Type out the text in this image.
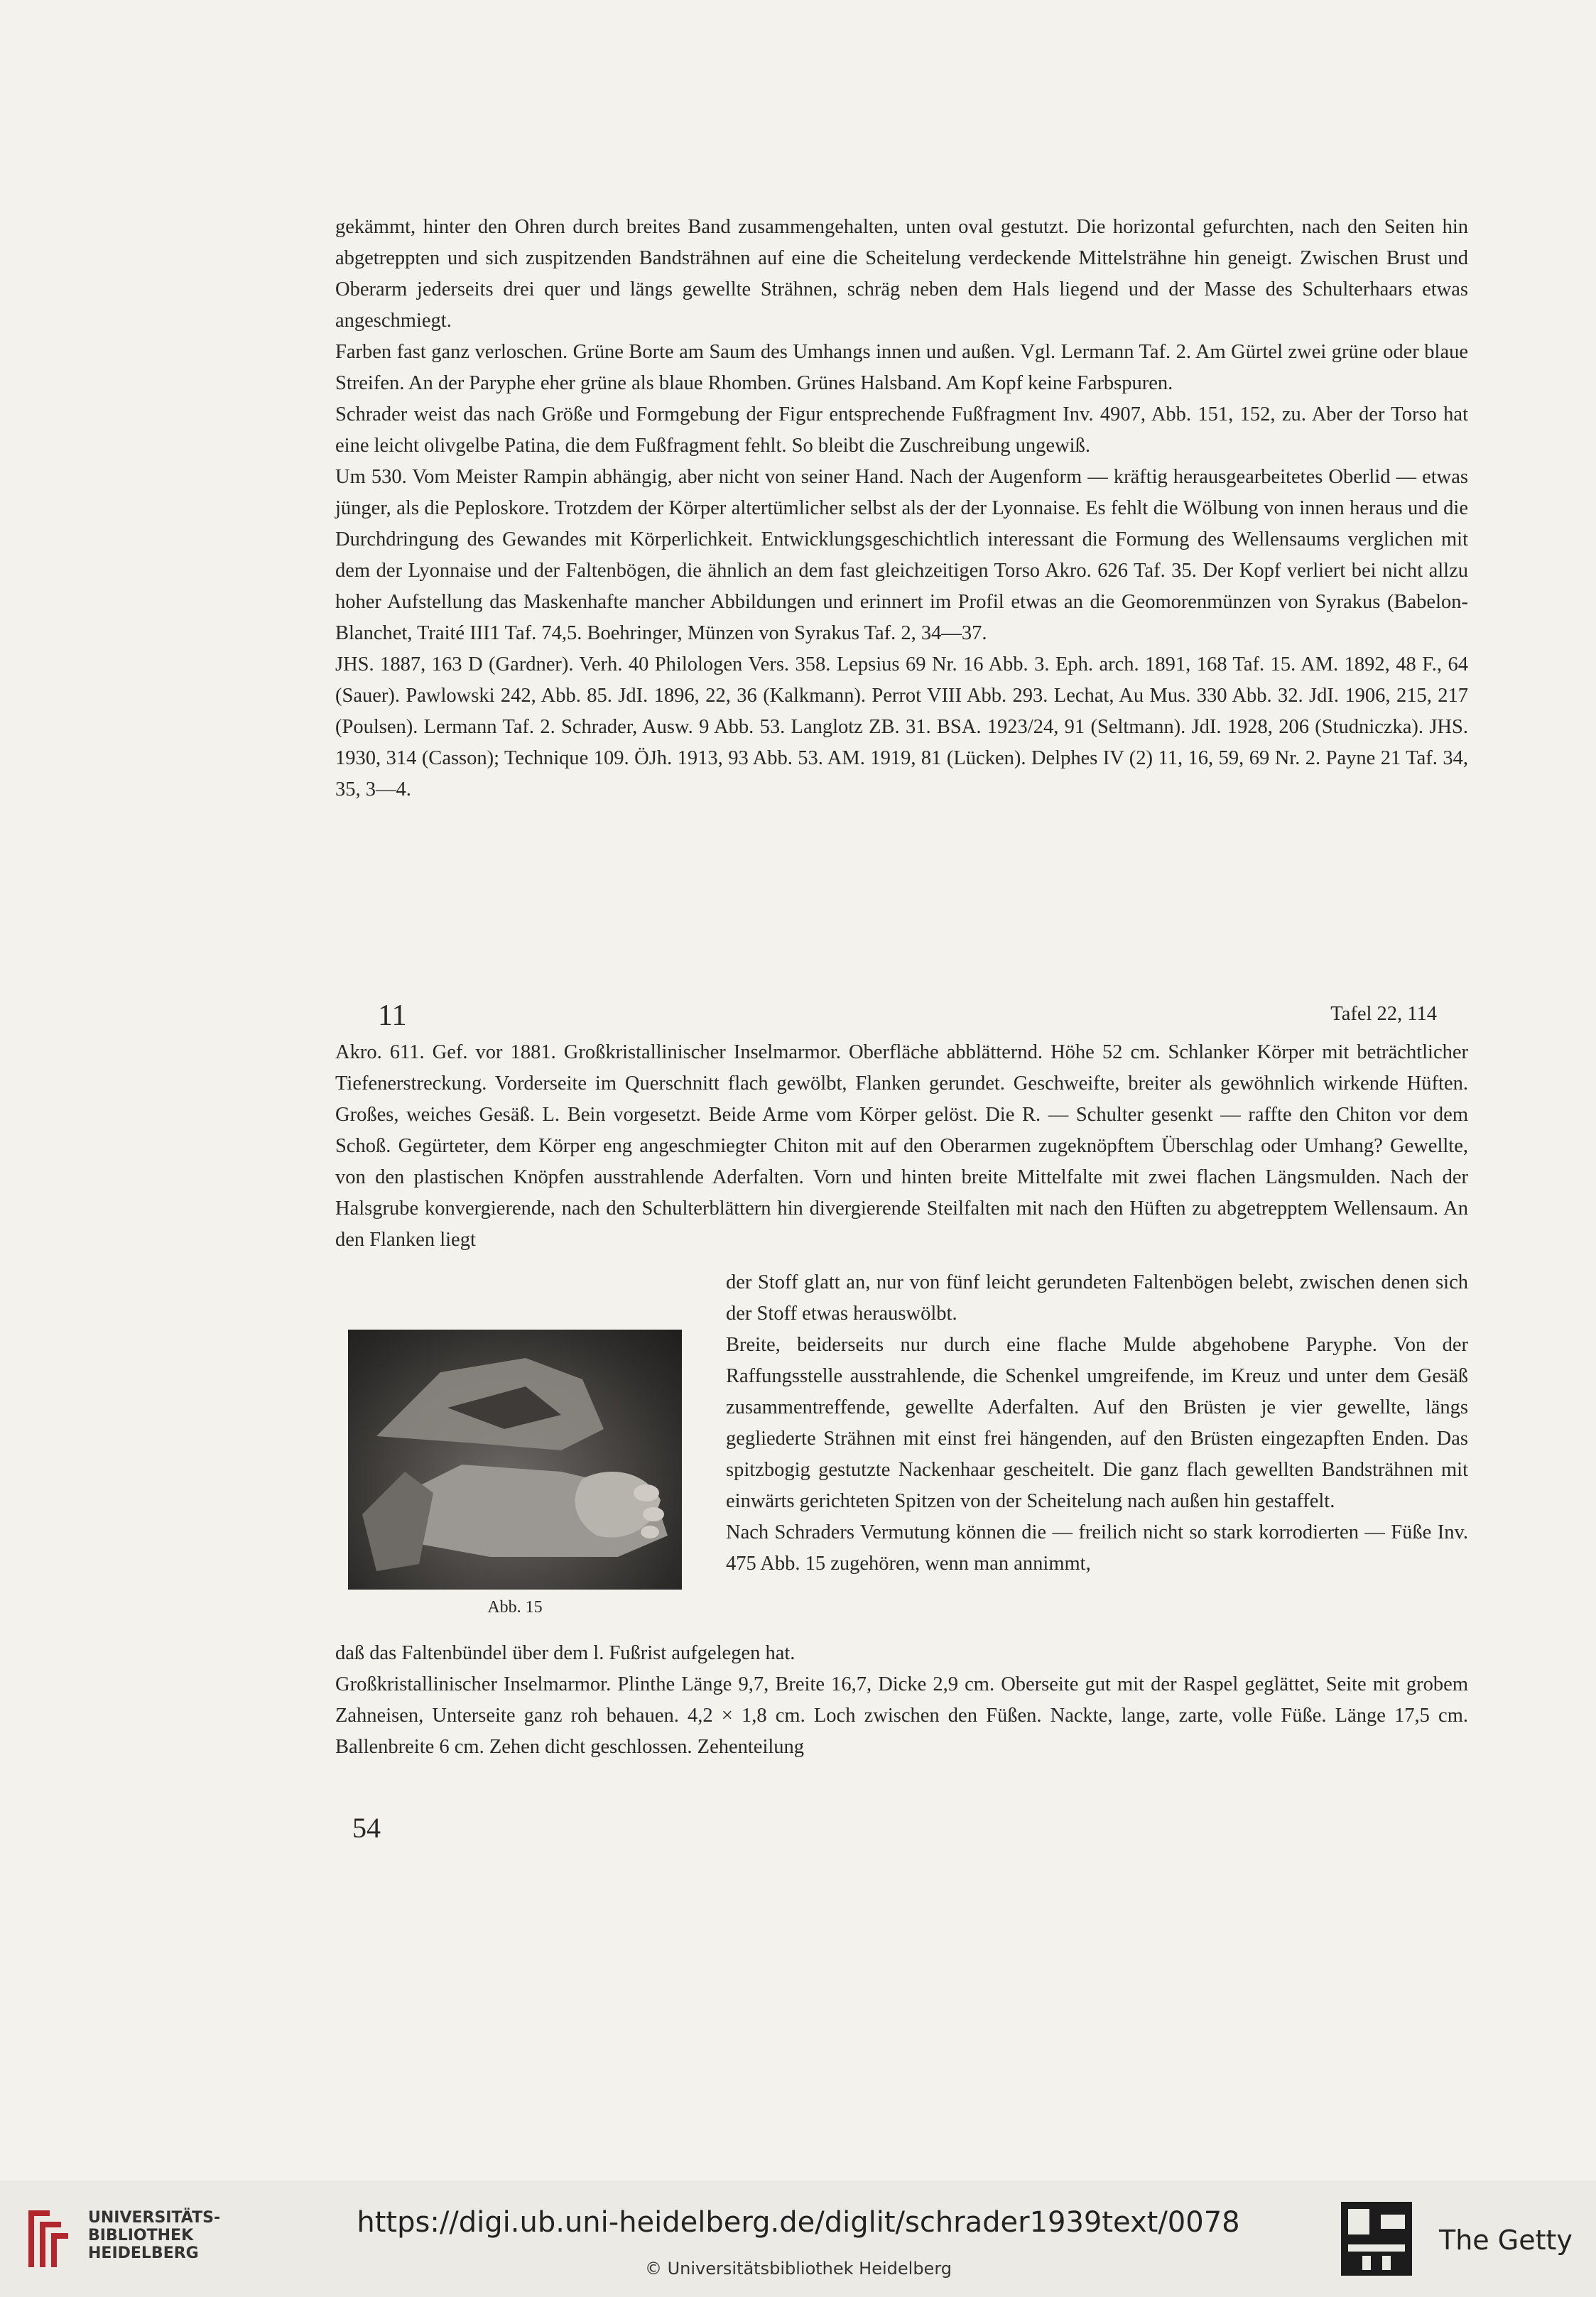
gekämmt, hinter den Ohren durch breites Band zusammengehalten, unten oval gestutzt. Die horizontal gefurchten, nach den Seiten hin abgetreppten und sich zuspitzenden Bandsträhnen auf eine die Scheitelung verdeckende Mittelsträhne hin geneigt. Zwischen Brust und Oberarm jederseits drei quer und längs gewellte Strähnen, schräg neben dem Hals liegend und der Masse des Schulterhaars etwas angeschmiegt.

Farben fast ganz verloschen. Grüne Borte am Saum des Umhangs innen und außen. Vgl. Lermann Taf. 2. Am Gürtel zwei grüne oder blaue Streifen. An der Paryphe eher grüne als blaue Rhomben. Grünes Halsband. Am Kopf keine Farbspuren.

Schrader weist das nach Größe und Formgebung der Figur entsprechende Fußfragment Inv. 4907, Abb. 151, 152, zu. Aber der Torso hat eine leicht olivgelbe Patina, die dem Fußfragment fehlt. So bleibt die Zuschreibung ungewiß.

Um 530. Vom Meister Rampin abhängig, aber nicht von seiner Hand. Nach der Augenform — kräftig herausgearbeitetes Oberlid — etwas jünger, als die Peploskore. Trotzdem der Körper altertümlicher selbst als der der Lyonnaise. Es fehlt die Wölbung von innen heraus und die Durchdringung des Gewandes mit Körperlichkeit. Entwicklungsgeschichtlich interessant die Formung des Wellensaums verglichen mit dem der Lyonnaise und der Faltenbögen, die ähnlich an dem fast gleichzeitigen Torso Akro. 626 Taf. 35. Der Kopf verliert bei nicht allzu hoher Aufstellung das Maskenhafte mancher Abbildungen und erinnert im Profil etwas an die Geomorenmünzen von Syrakus (Babelon-Blanchet, Traité III1 Taf. 74,5. Boehringer, Münzen von Syrakus Taf. 2, 34—37.

JHS. 1887, 163 D (Gardner). Verh. 40 Philologen Vers. 358. Lepsius 69 Nr. 16 Abb. 3. Eph. arch. 1891, 168 Taf. 15. AM. 1892, 48 F., 64 (Sauer). Pawlowski 242, Abb. 85. JdI. 1896, 22, 36 (Kalkmann). Perrot VIII Abb. 293. Lechat, Au Mus. 330 Abb. 32. JdI. 1906, 215, 217 (Poulsen). Lermann Taf. 2. Schrader, Ausw. 9 Abb. 53. Langlotz ZB. 31. BSA. 1923/24, 91 (Seltmann). JdI. 1928, 206 (Studniczka). JHS. 1930, 314 (Casson); Technique 109. ÖJh. 1913, 93 Abb. 53. AM. 1919, 81 (Lücken). Delphes IV (2) 11, 16, 59, 69 Nr. 2. Payne 21 Taf. 34, 35, 3—4.

11	Tafel 22, 114

Akro. 611. Gef. vor 1881. Großkristallinischer Inselmarmor. Oberfläche abblätternd. Höhe 52 cm. Schlanker Körper mit beträchtlicher Tiefenerstreckung. Vorderseite im Querschnitt flach gewölbt, Flanken gerundet. Geschweifte, breiter als gewöhnlich wirkende Hüften. Großes, weiches Gesäß. L. Bein vorgesetzt. Beide Arme vom Körper gelöst. Die R. — Schulter gesenkt — raffte den Chiton vor dem Schoß. Gegürteter, dem Körper eng angeschmiegter Chiton mit auf den Oberarmen zugeknöpftem Überschlag oder Umhang? Gewellte, von den plastischen Knöpfen ausstrahlende Aderfalten. Vorn und hinten breite Mittelfalte mit zwei flachen Längsmulden. Nach der Halsgrube konvergierende, nach den Schulterblättern hin divergierende Steilfalten mit nach den Hüften zu abgetrepptem Wellensaum. An den Flanken liegt

Abb. 15

der Stoff glatt an, nur von fünf leicht gerundeten Faltenbögen belebt, zwischen denen sich der Stoff etwas herauswölbt.

Breite, beiderseits nur durch eine flache Mulde abgehobene Paryphe. Von der Raffungsstelle ausstrahlende, die Schenkel umgreifende, im Kreuz und unter dem Gesäß zusammentreffende, gewellte Aderfalten. Auf den Brüsten je vier gewellte, längs gegliederte Strähnen mit einst frei hängenden, auf den Brüsten eingezapften Enden. Das spitzbogig gestutzte Nackenhaar gescheitelt. Die ganz flach gewellten Bandsträhnen mit einwärts gerichteten Spitzen von der Scheitelung nach außen hin gestaffelt.

Nach Schraders Vermutung können die — freilich nicht so stark korrodierten — Füße Inv. 475 Abb. 15 zugehören, wenn man annimmt,

daß das Faltenbündel über dem l. Fußrist aufgelegen hat.

Großkristallinischer Inselmarmor. Plinthe Länge 9,7, Breite 16,7, Dicke 2,9 cm. Oberseite gut mit der Raspel geglättet, Seite mit grobem Zahneisen, Unterseite ganz roh behauen. 4,2 × 1,8 cm. Loch zwischen den Füßen. Nackte, lange, zarte, volle Füße. Länge 17,5 cm. Ballenbreite 6 cm. Zehen dicht geschlossen. Zehenteilung

54
UNIVERSITÄTS-
BIBLIOTHEK
HEIDELBERG
https://digi.ub.uni-heidelberg.de/diglit/schrader1939text/0078
© Universitätsbibliothek Heidelberg
The Getty
